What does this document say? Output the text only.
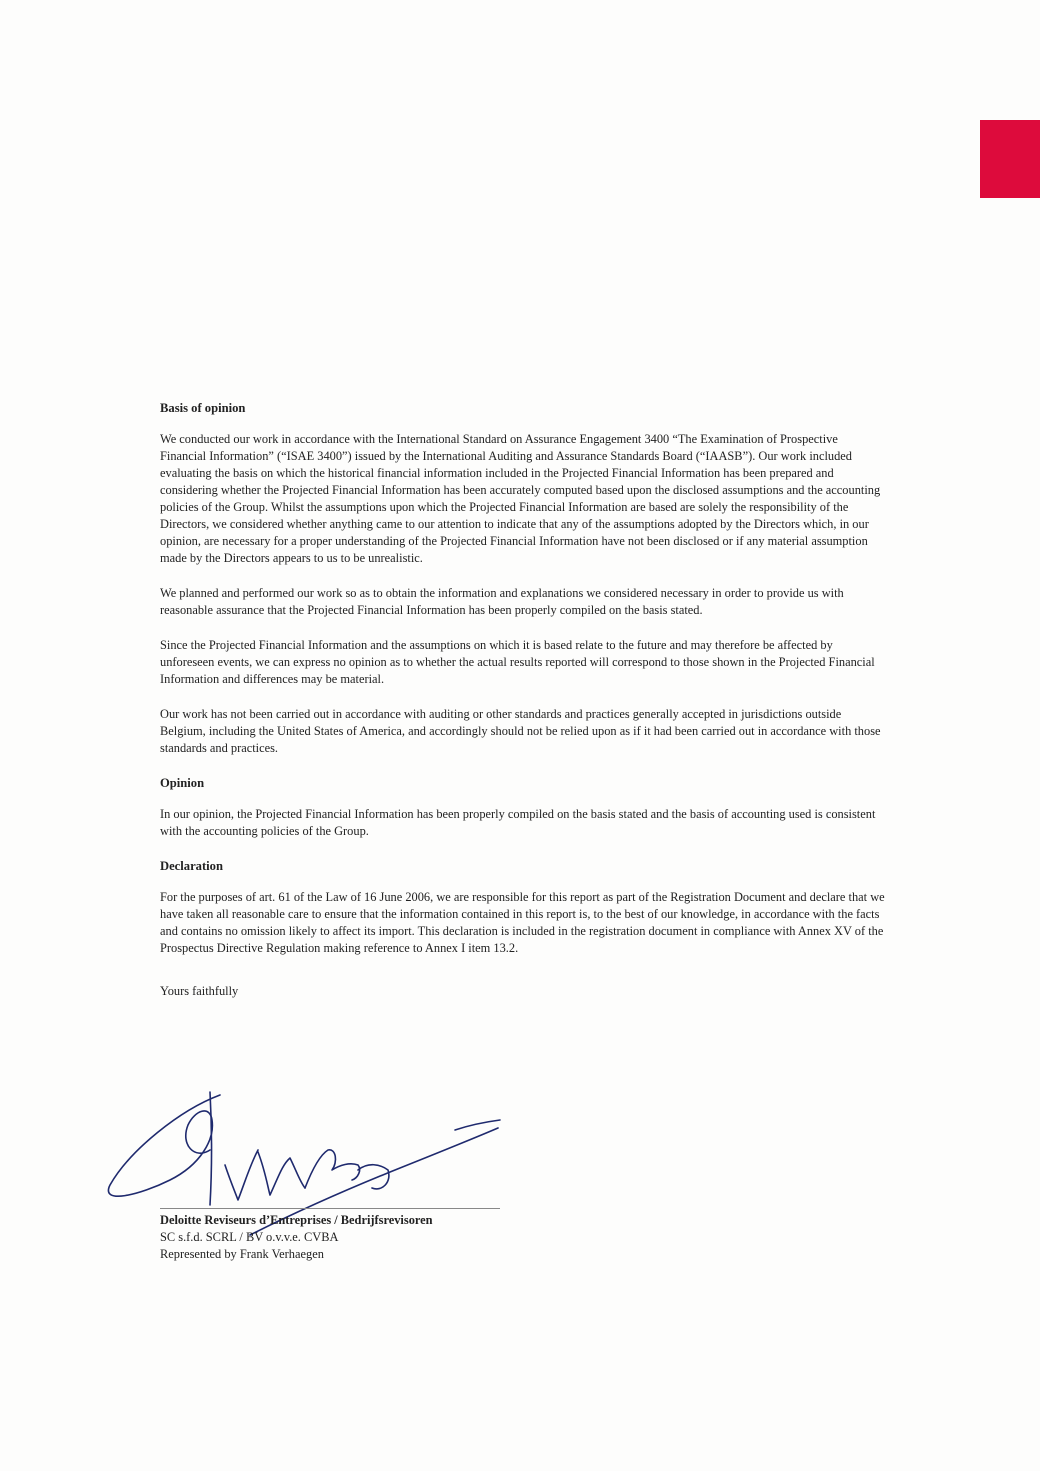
Basis of opinion

We conducted our work in accordance with the International Standard on Assurance Engagement 3400 “The Examination of Prospective Financial Information” (“ISAE 3400”) issued by the International Auditing and Assurance Standards Board (“IAASB”). Our work included evaluating the basis on which the historical financial information included in the Projected Financial Information has been prepared and considering whether the Projected Financial Information has been accurately computed based upon the disclosed assumptions and the accounting policies of the Group. Whilst the assumptions upon which the Projected Financial Information are based are solely the responsibility of the Directors, we considered whether anything came to our attention to indicate that any of the assumptions adopted by the Directors which, in our opinion, are necessary for a proper understanding of the Projected Financial Information have not been disclosed or if any material assumption made by the Directors appears to us to be unrealistic.

We planned and performed our work so as to obtain the information and explanations we considered necessary in order to provide us with reasonable assurance that the Projected Financial Information has been properly compiled on the basis stated.

Since the Projected Financial Information and the assumptions on which it is based relate to the future and may therefore be affected by unforeseen events, we can express no opinion as to whether the actual results reported will correspond to those shown in the Projected Financial Information and differences may be material.

Our work has not been carried out in accordance with auditing or other standards and practices generally accepted in jurisdictions outside Belgium, including the United States of America, and accordingly should not be relied upon as if it had been carried out in accordance with those standards and practices.

Opinion

In our opinion, the Projected Financial Information has been properly compiled on the basis stated and the basis of accounting used is consistent with the accounting policies of the Group.

Declaration

For the purposes of art. 61 of the Law of 16 June 2006, we are responsible for this report as part of the Registration Document and declare that we have taken all reasonable care to ensure that the information contained in this report is, to the best of our knowledge, in accordance with the facts and contains no omission likely to affect its import. This declaration is included in the registration document in compliance with Annex XV of the Prospectus Directive Regulation making reference to Annex I item 13.2.

Yours faithfully
Deloitte Reviseurs d’Entreprises / Bedrijfsrevisoren
SC s.f.d. SCRL / BV o.v.v.e. CVBA
Represented by Frank Verhaegen
